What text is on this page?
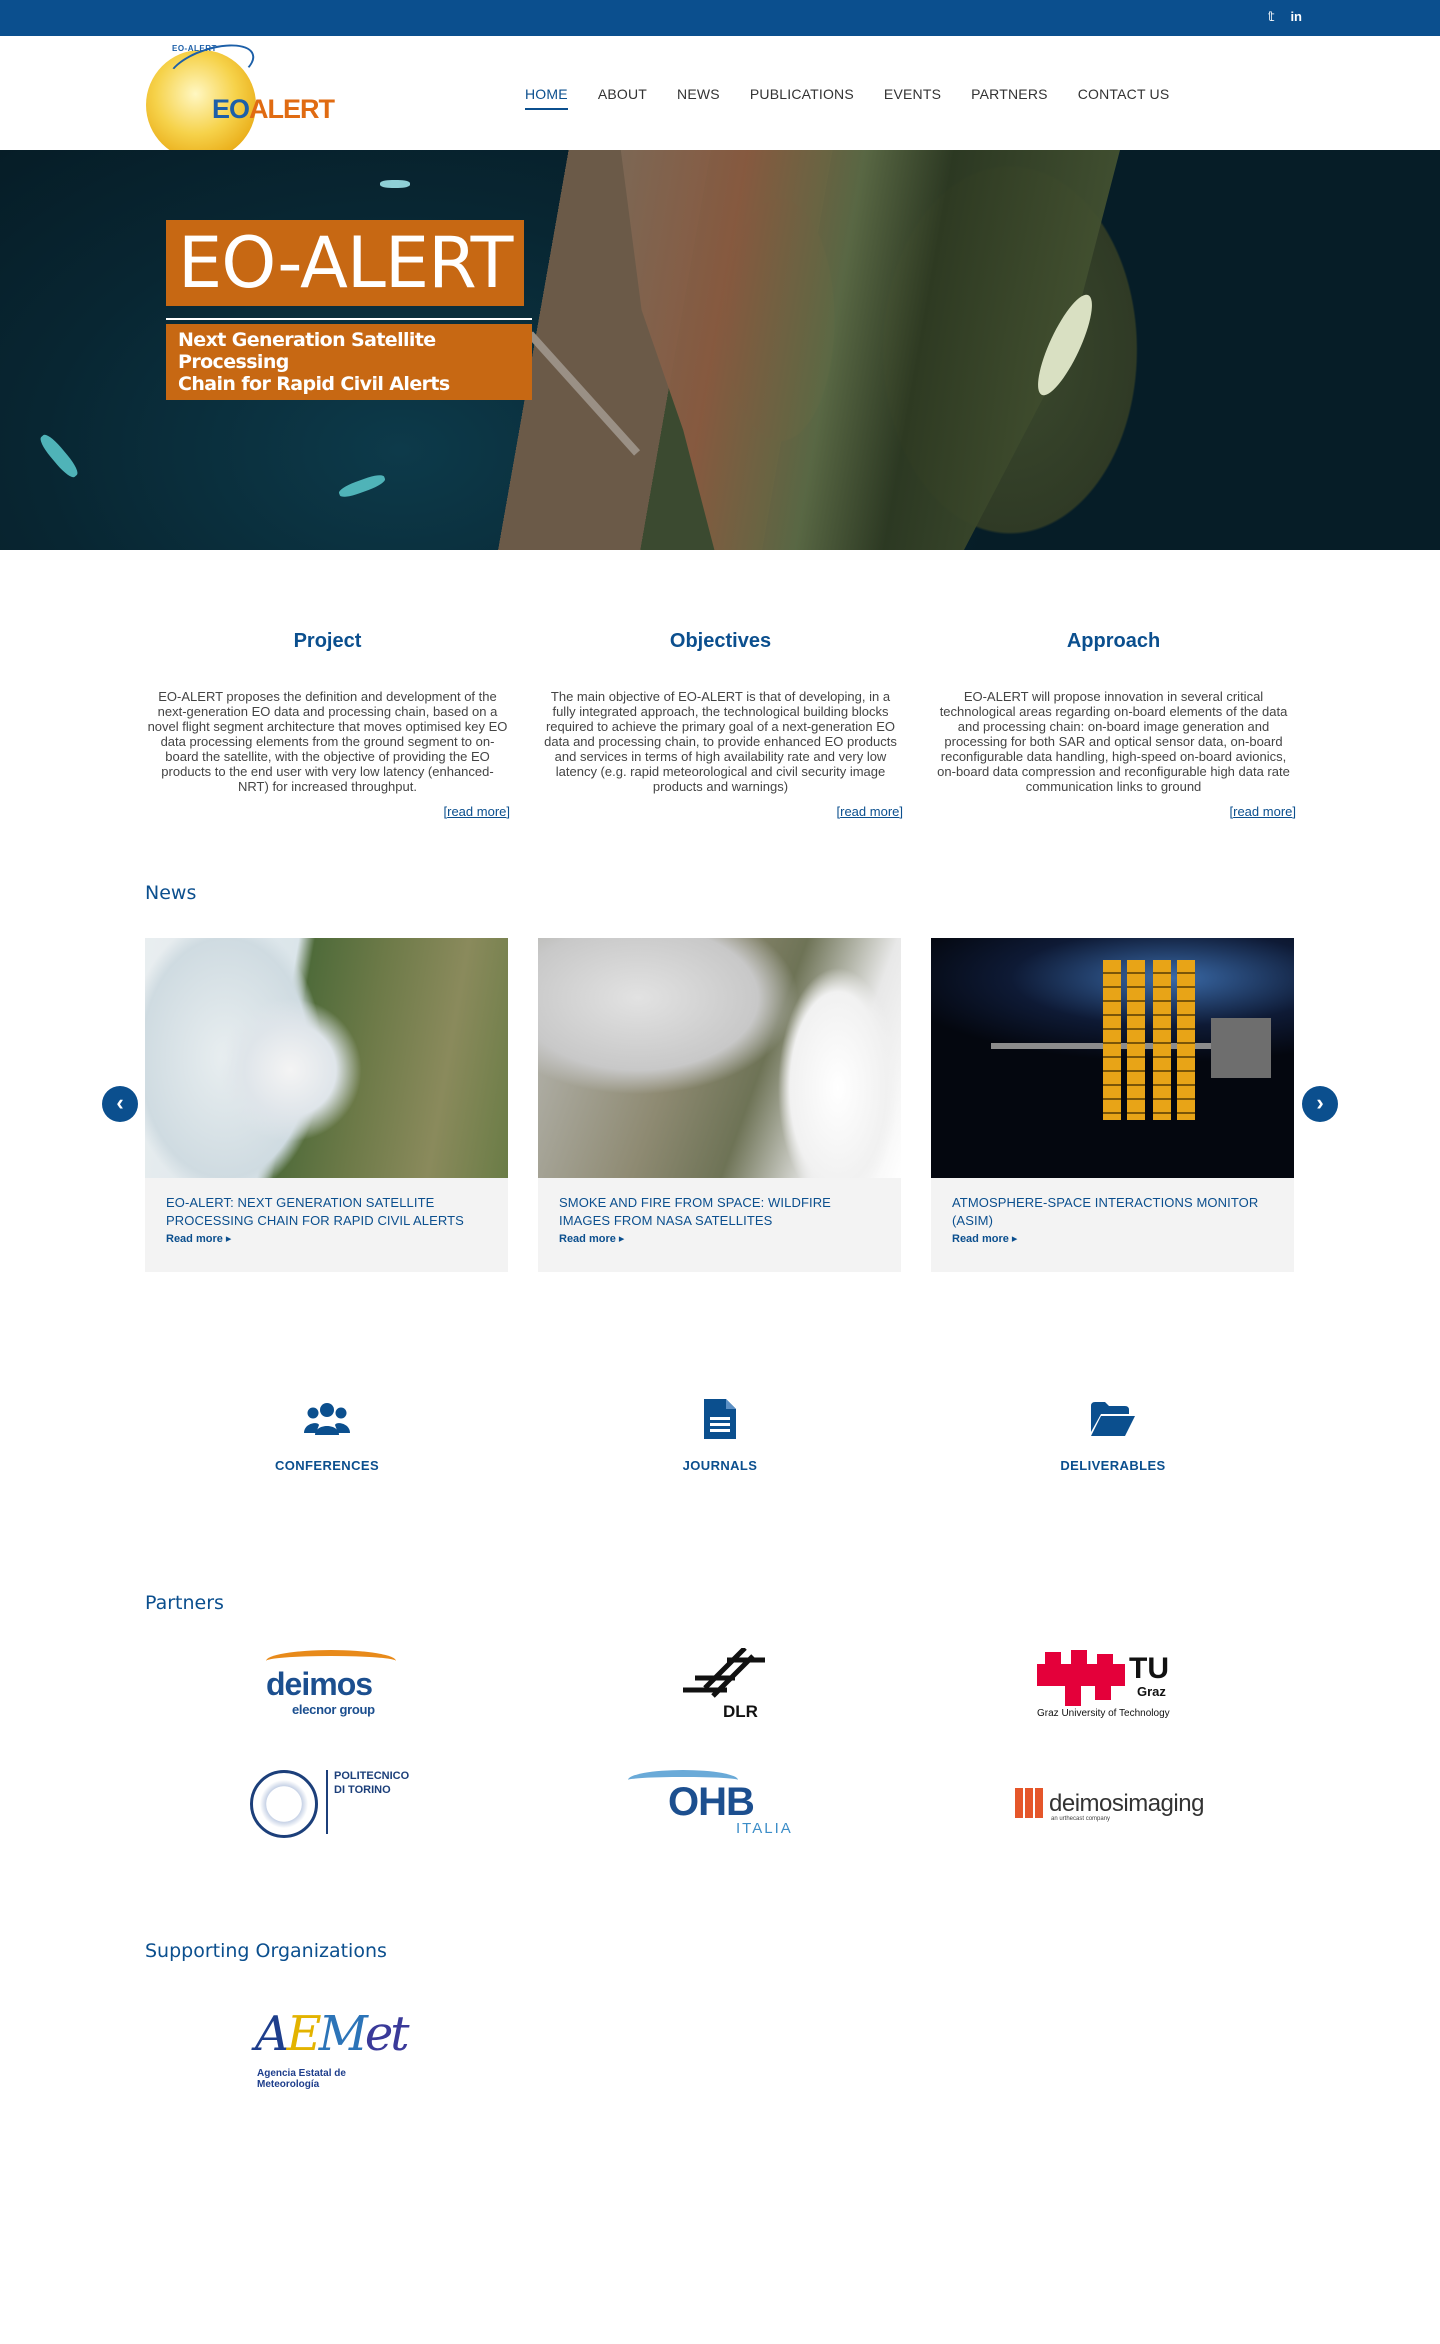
𝕥 in
EO-ALERT
EOALERT	HOME	ABOUT	NEWS	PUBLICATIONS	EVENTS	PARTNERS	CONTACT US
EO-ALERT
Next Generation Satellite Processing
Chain for Rapid Civil Alerts
Project

EO-ALERT proposes the definition and development of the next-generation EO data and processing chain, based on a novel flight segment architecture that moves optimised key EO data processing elements from the ground segment to on-board the satellite, with the objective of providing the EO products to the end user with very low latency (enhanced-NRT) for increased throughput.

[read more]
Objectives

The main objective of EO-ALERT is that of developing, in a fully integrated approach, the technological building blocks required to achieve the primary goal of a next-generation EO data and processing chain, to provide enhanced EO products and services in terms of high availability rate and very low latency (e.g. rapid meteorological and civil security image products and warnings)

[read more]
Approach

EO-ALERT will propose innovation in several critical technological areas regarding on-board elements of the data and processing chain: on-board image generation and processing for both SAR and optical sensor data, on-board reconfigurable data handling, high-speed on-board avionics, on-board data compression and reconfigurable high data rate communication links to ground

[read more]
News
‹	›
EO-ALERT: NEXT GENERATION SATELLITE PROCESSING CHAIN FOR RAPID CIVIL ALERTS
Read more ▸
SMOKE AND FIRE FROM SPACE: WILDFIRE IMAGES FROM NASA SATELLITES
Read more ▸
ATMOSPHERE-SPACE INTERACTIONS MONITOR (ASIM)
Read more ▸
CONFERENCES	JOURNALS	DELIVERABLES
Partners
deimos
elecnor group	DLR
TU
Graz
Graz University of Technology
POLITECNICO
DI TORINO	OHB
ITALIA
deimosimaging
an urthecast company
Supporting Organizations
AEMet
Agencia Estatal de Meteorología
